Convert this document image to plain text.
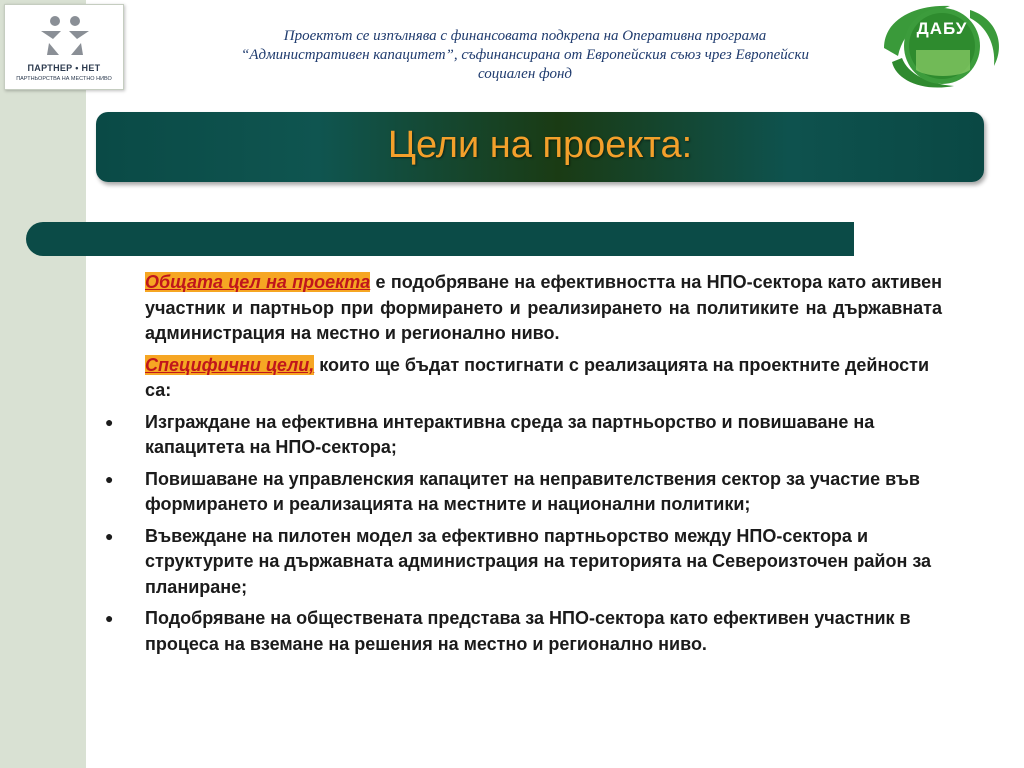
ПАРТНЕР • НЕТ
ПАРТНЬОРСТВА НА МЕСТНО НИВО
Проектът се изпълнява с финансовата подкрепа на Оперативна програма
“Административен капацитет”, съфинансирана от Европейския съюз чрез Европейски
социален фонд
ДАБУ
Цели на проекта:

Общата цел на проекта е подобряване на ефективността на НПО-сектора като активен участник и партньор при формирането и реализирането на политиките на държавната администрация на местно и регионално ниво.

Специфични цели, които ще бъдат постигнати с реализацията на проектните дейности са:

● Изграждане на ефективна интерактивна среда за партньорство и повишаване на капацитета на НПО-сектора;
● Повишаване на управленския капацитет на неправителствения сектор за участие във формирането и реализацията на местните и национални политики;
● Въвеждане на пилотен модел за ефективно партньорство между НПО-сектора и структурите на държавната администрация на територията на Североизточен район за планиране;
● Подобряване на обществената представа за НПО-сектора като ефективен участник в процеса на вземане на решения на местно и регионално ниво.
